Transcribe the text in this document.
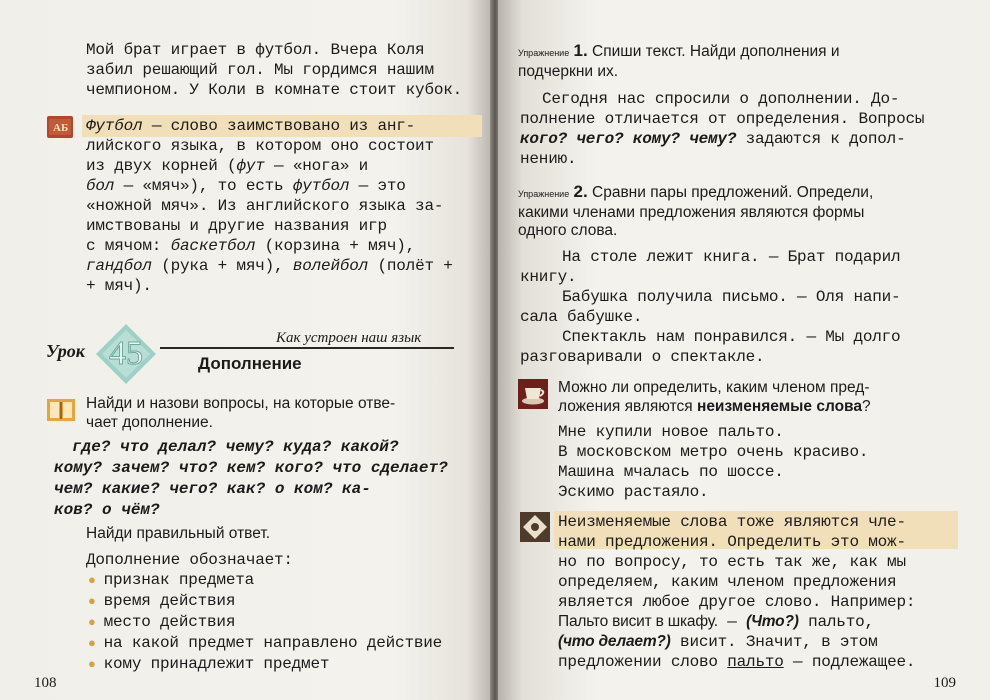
Мой брат играет в футбол. Вчера Коля
забил решающий гол. Мы гордимся нашим
чемпионом. У Коли в комнате стоит кубок.
АБ Футбол — слово заимствовано из анг-
лийского языка, в котором оно состоит
из двух корней (фут — «нога» и
бол — «мяч»), то есть футбол — это
«ножной мяч». Из английского языка за-
имствованы и другие названия игр
с мячом: баскетбол (корзина + мяч),
гандбол (рука + мяч), волейбол (полёт +
+ мяч).
Урок 45	Как устроен наш язык
Дополнение
Найди и назови вопросы, на которые отве-
чает дополнение.
где? что делал? чему? куда? какой?
кому? зачем? что? кем? кого? что сделает?
чем? какие? чего? как? о ком? ка-
ков? о чём?
Найди правильный ответ.
Дополнение обозначает:
● признак предмета
● время действия
● место действия
● на какой предмет направлено действие
● кому принадлежит предмет
108
Упражнение 1. Спиши текст. Найди дополнения и
подчеркни их.
Сегодня нас спросили о дополнении. До-
полнение отличается от определения. Вопросы
кого? чего? кому? чему? задаются к допол-
нению.
Упражнение 2. Сравни пары предложений. Определи,
какими членами предложения являются формы
одного слова.
На столе лежит книга. — Брат подарил
книгу.
Бабушка получила письмо. — Оля напи-
сала бабушке.
Спектакль нам понравился. — Мы долго
разговаривали о спектакле.
Можно ли определить, каким членом пред-
ложения являются неизменяемые слова?
Мне купили новое пальто.
В московском метро очень красиво.
Машина мчалась по шоссе.
Эскимо растаяло.
Неизменяемые слова тоже являются чле-
нами предложения. Определить это мож-
но по вопросу, то есть так же, как мы
определяем, каким членом предложения
является любое другое слово. Например:
Пальто висит в шкафу. — (Что?) пальто,
(что делает?) висит. Значит, в этом
предложении слово пальто — подлежащее.
109
